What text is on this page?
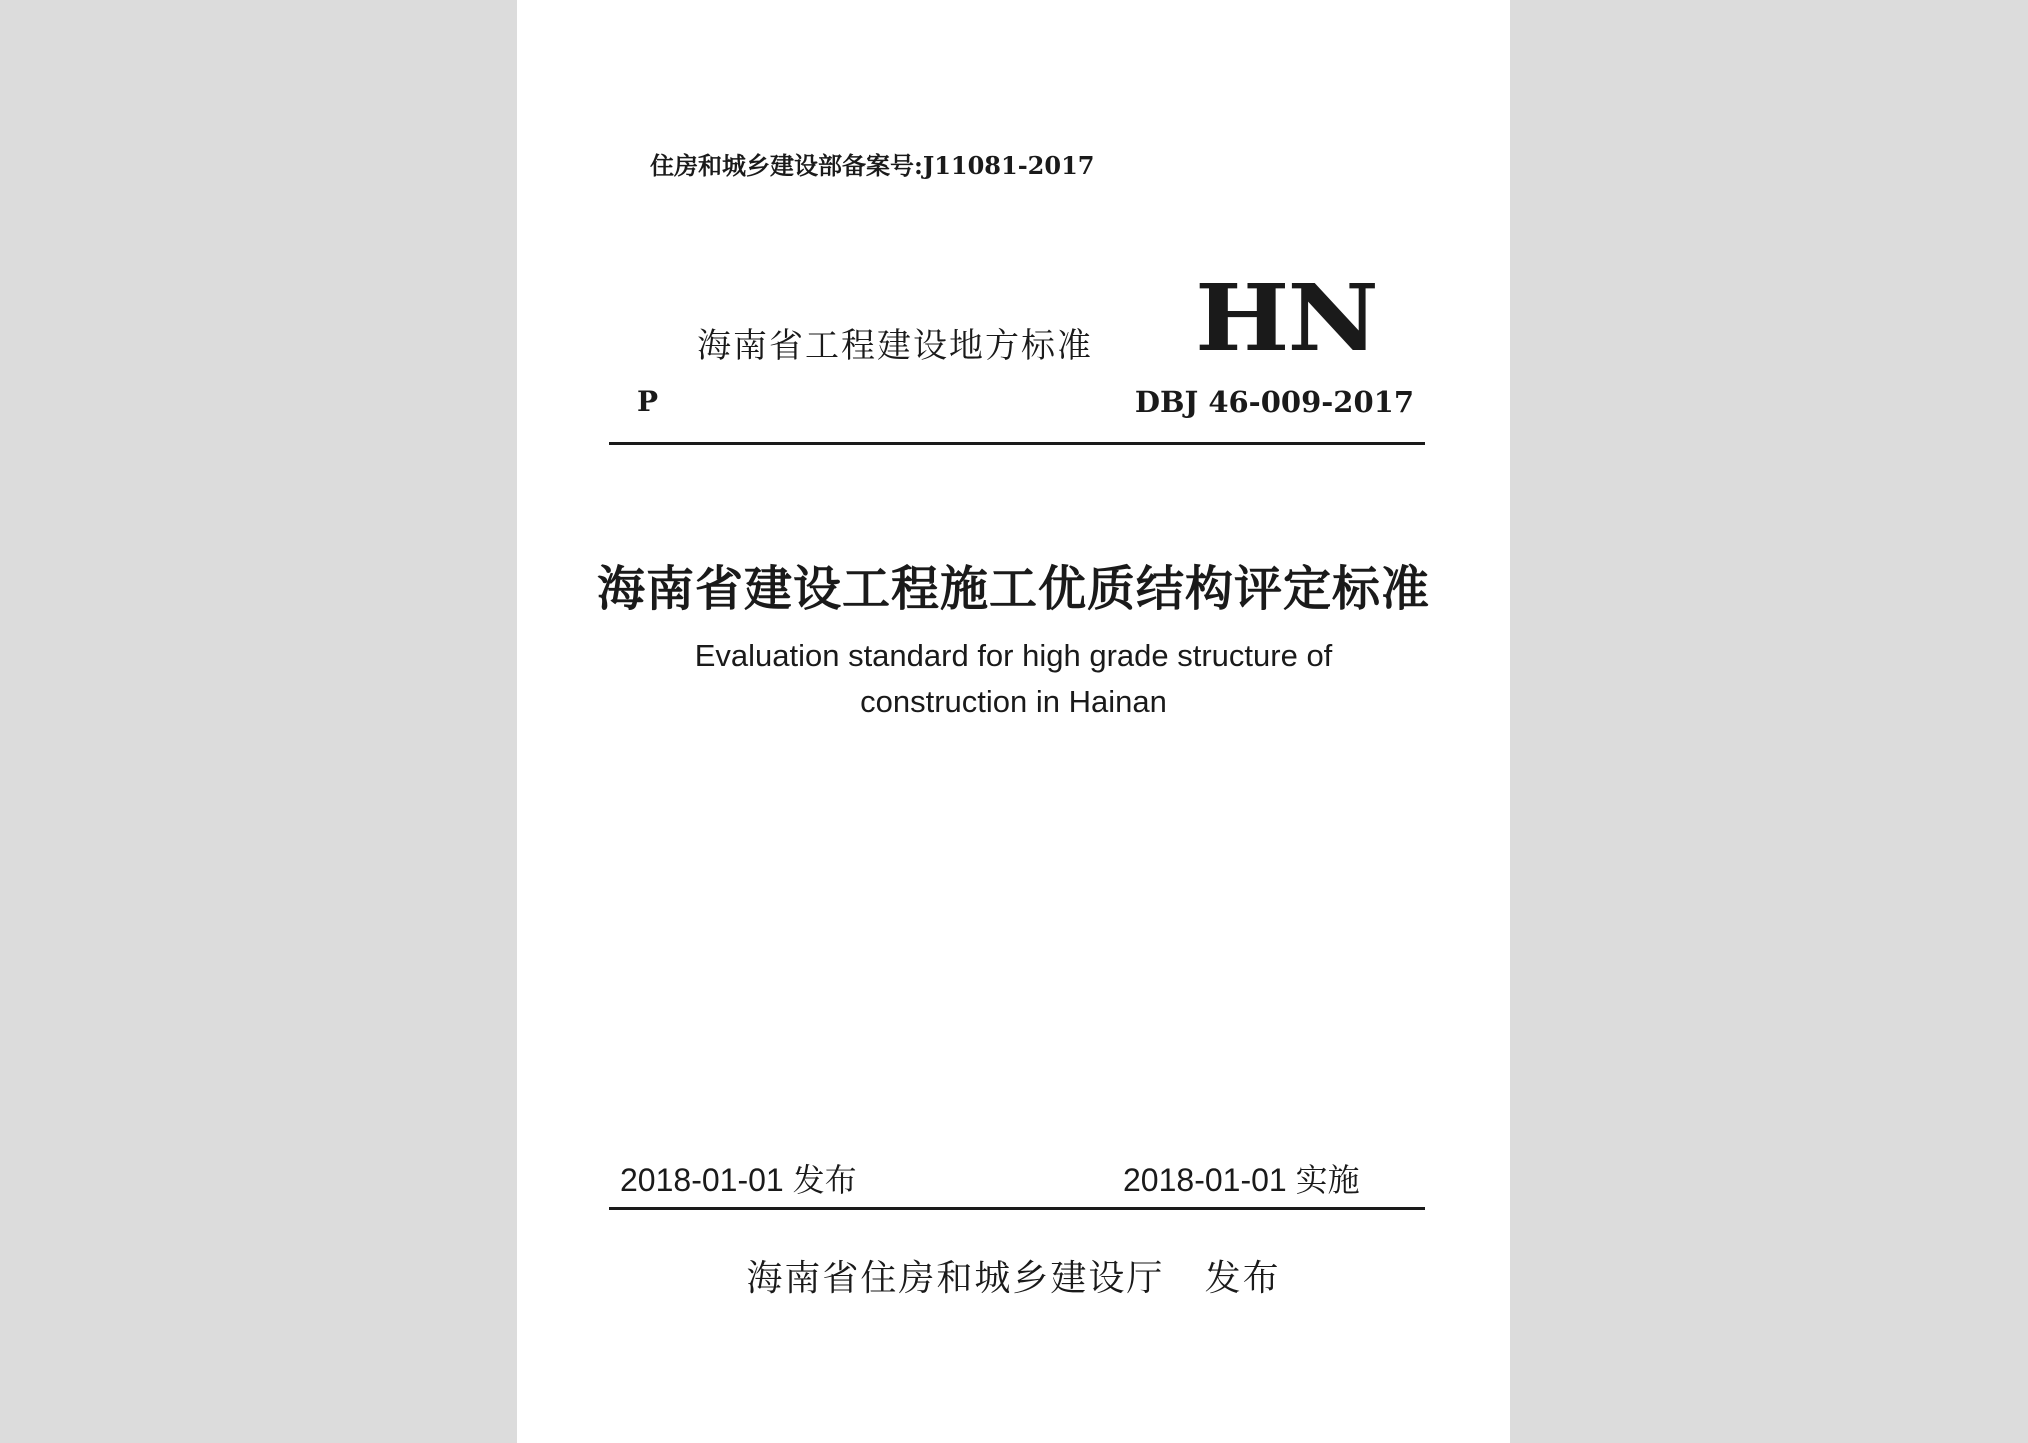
住房和城乡建设部备案号:J11081-2017
海南省工程建设地方标准 HN
P	DBJ 46-009-2017
海南省建设工程施工优质结构评定标准
Evaluation standard for high grade structure of
construction in Hainan
2018-01-01 发布	2018-01-01 实施
海南省住房和城乡建设厅   发布
